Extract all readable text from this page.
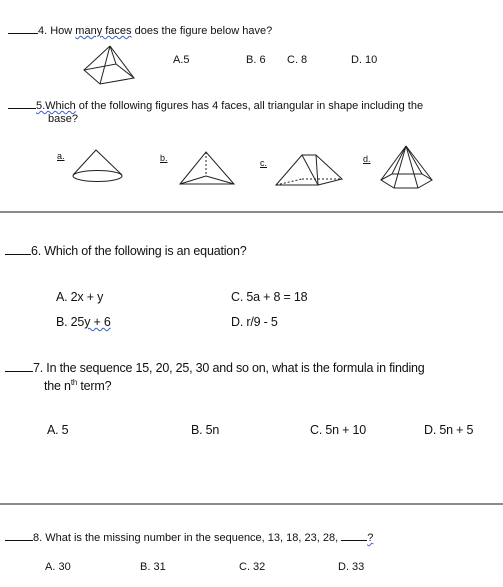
4. How many faces does the figure below have?
A.5	B. 6 C. 8	D. 10
5.Which of the following figures has 4 faces, all triangular in shape including the
base?
a.	b.	c.	d.
6. Which of the following is an equation?
A. 2x + y	C. 5a + 8 = 18
B. 25y + 6	D. r/9 - 5
7. In the sequence 15, 20, 25, 30 and so on, what is the formula in finding
the $n^{th}$ term?
A. 5	B. 5n	C. 5n + 10	D. 5n + 5
8. What is the missing number in the sequence, 13, 18, 23, 28, ?
A. 30	B. 31	C. 32	D. 33
